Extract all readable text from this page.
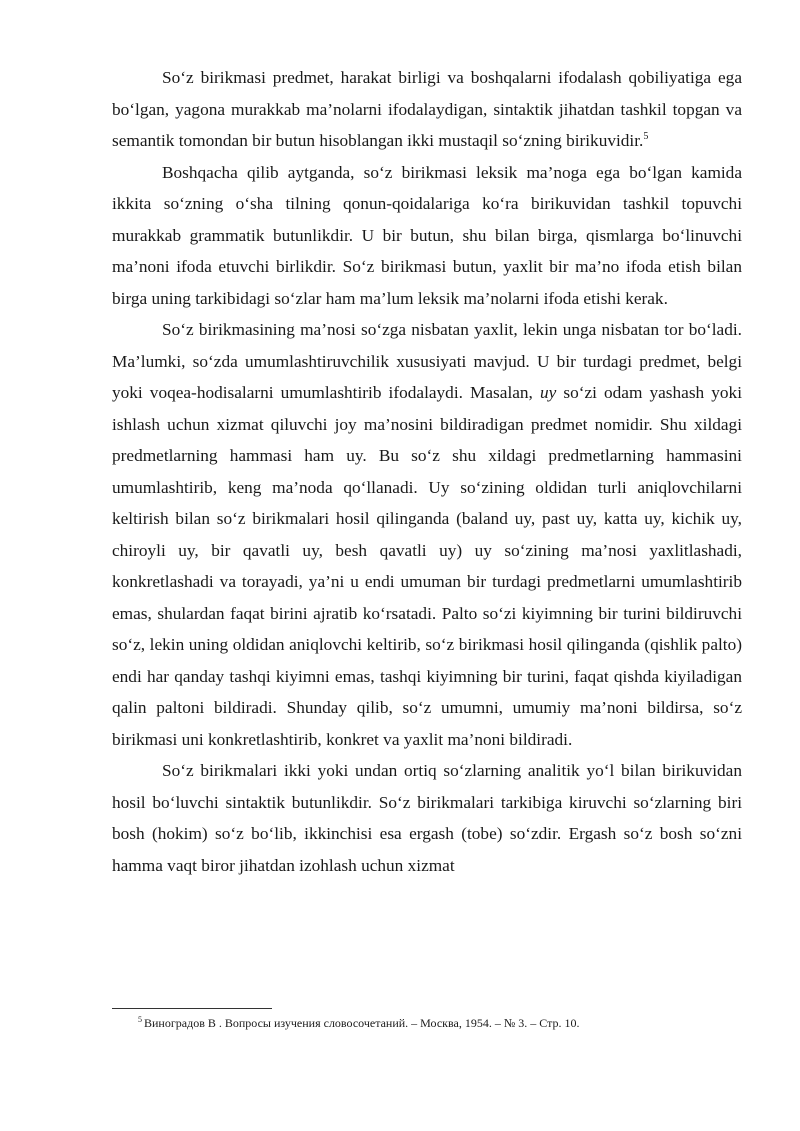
So‘z birikmasi predmet, harakat birligi va boshqalarni ifodalash qobiliyatiga ega bo‘lgan, yagona murakkab ma’nolarni ifodalaydigan, sintaktik jihatdan tashkil topgan va semantik tomondan bir butun hisoblangan ikki mustaqil so‘zning birikuvidir.$^5$

Boshqacha qilib aytganda, so‘z birikmasi leksik ma’noga ega bo‘lgan kamida ikkita so‘zning o‘sha tilning qonun-qoidalariga ko‘ra birikuvidan tashkil topuvchi murakkab grammatik butunlikdir. U bir butun, shu bilan birga, qismlarga bo‘linuvchi ma’noni ifoda etuvchi birlikdir. So‘z birikmasi butun, yaxlit bir ma’no ifoda etish bilan birga uning tarkibidagi so‘zlar ham ma’lum leksik ma’nolarni ifoda etishi kerak.

So‘z birikmasining ma’nosi so‘zga nisbatan yaxlit, lekin unga nisbatan tor bo‘ladi. Ma’lumki, so‘zda umumlashtiruvchilik xususiyati mavjud. U bir turdagi predmet, belgi yoki voqea-hodisalarni umumlashtirib ifodalaydi. Masalan, uy so‘zi odam yashash yoki ishlash uchun xizmat qiluvchi joy ma’nosini bildiradigan predmet nomidir. Shu xildagi predmetlarning hammasi ham uy. Bu so‘z shu xildagi predmetlarning hammasini umumlashtirib, keng ma’noda qo‘llanadi. Uy so‘zining oldidan turli aniqlovchilarni keltirish bilan so‘z birikmalari hosil qilinganda (baland uy, past uy, katta uy, kichik uy, chiroyli uy, bir qavatli uy, besh qavatli uy) uy so‘zining ma’nosi yaxlitlashadi, konkretlashadi va torayadi, ya’ni u endi umuman bir turdagi predmetlarni umumlashtirib emas, shulardan faqat birini ajratib ko‘rsatadi. Palto so‘zi kiyimning bir turini bildiruvchi so‘z, lekin uning oldidan aniqlovchi keltirib, so‘z birikmasi hosil qilinganda (qishlik palto) endi har qanday tashqi kiyimni emas, tashqi kiyimning bir turini, faqat qishda kiyiladigan qalin paltoni bildiradi. Shunday qilib, so‘z umumni, umumiy ma’noni bildirsa, so‘z birikmasi uni konkretlashtirib, konkret va yaxlit ma’noni bildiradi.

So‘z birikmalari ikki yoki undan ortiq so‘zlarning analitik yo‘l bilan birikuvidan hosil bo‘luvchi sintaktik butunlikdir. So‘z birikmalari tarkibiga kiruvchi so‘zlarning biri bosh (hokim) so‘z bo‘lib, ikkinchisi esa ergash (tobe) so‘zdir. Ergash so‘z bosh so‘zni hamma vaqt biror jihatdan izohlash uchun xizmat

$^5$ Виноградов В . Вопросы изучения словосочетаний. – Москва, 1954. – № 3. – Стр. 10.
